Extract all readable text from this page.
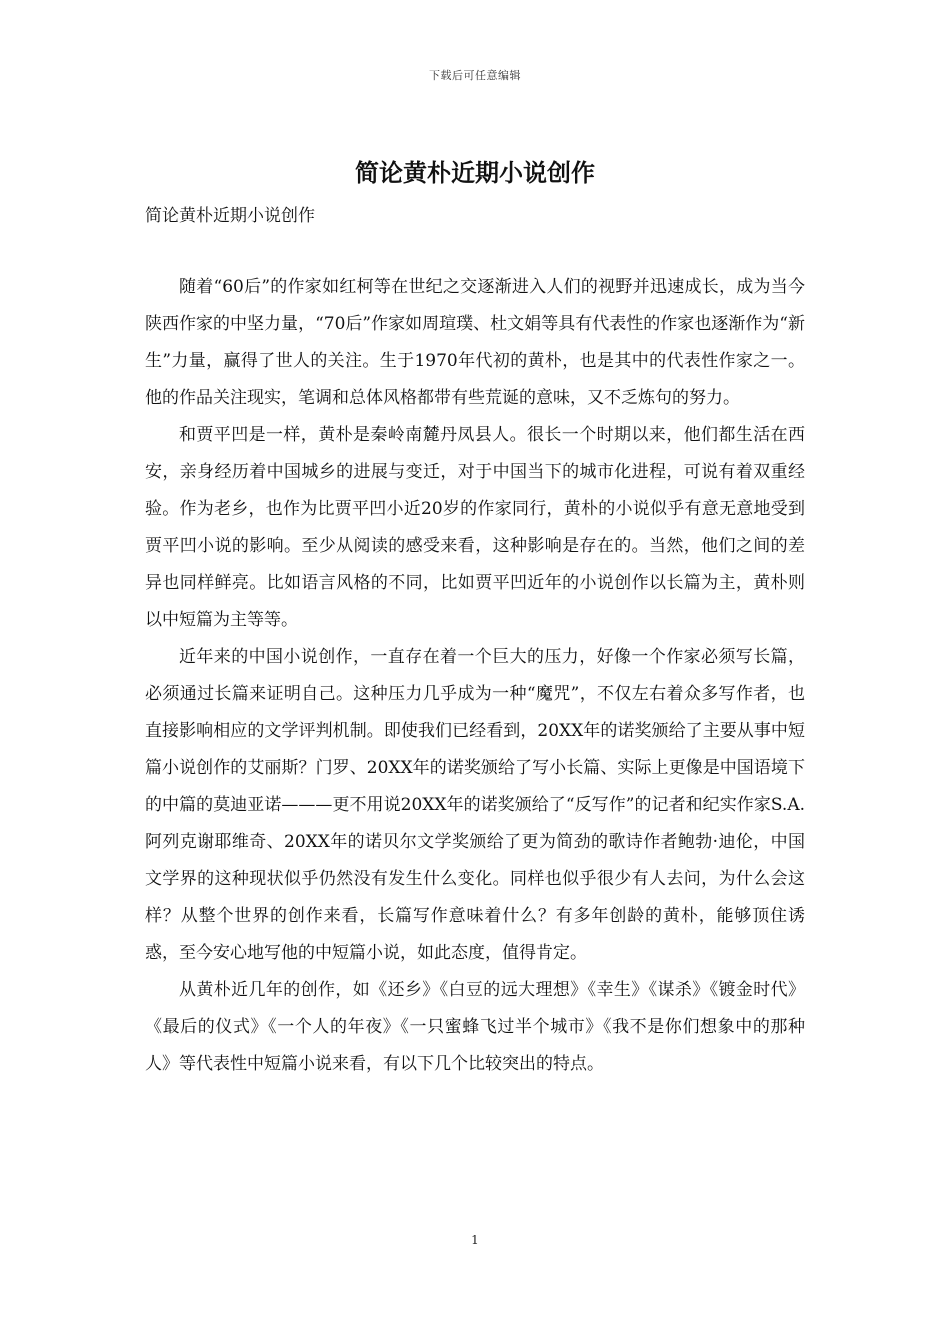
下载后可任意编辑
简论黄朴近期小说创作
简论黄朴近期小说创作

随着“60后”的作家如红柯等在世纪之交逐渐进入人们的视野并迅速成长，成为当今陕西作家的中坚力量，“70后”作家如周瑄璞、杜文娟等具有代表性的作家也逐渐作为“新生”力量，赢得了世人的关注。生于1970年代初的黄朴，也是其中的代表性作家之一。他的作品关注现实，笔调和总体风格都带有些荒诞的意味，又不乏炼句的努力。

和贾平凹是一样，黄朴是秦岭南麓丹凤县人。很长一个时期以来，他们都生活在西安，亲身经历着中国城乡的进展与变迁，对于中国当下的城市化进程，可说有着双重经验。作为老乡，也作为比贾平凹小近20岁的作家同行，黄朴的小说似乎有意无意地受到贾平凹小说的影响。至少从阅读的感受来看，这种影响是存在的。当然，他们之间的差异也同样鲜亮。比如语言风格的不同，比如贾平凹近年的小说创作以长篇为主，黄朴则以中短篇为主等等。

近年来的中国小说创作，一直存在着一个巨大的压力，好像一个作家必须写长篇，必须通过长篇来证明自己。这种压力几乎成为一种“魔咒”，不仅左右着众多写作者，也直接影响相应的文学评判机制。即使我们已经看到，20XX年的诺奖颁给了主要从事中短篇小说创作的艾丽斯？门罗、20XX年的诺奖颁给了写小长篇、实际上更像是中国语境下的中篇的莫迪亚诺———更不用说20XX年的诺奖颁给了“反写作”的记者和纪实作家S.A.阿列克谢耶维奇、20XX年的诺贝尔文学奖颁给了更为简劲的歌诗作者鲍勃·迪伦，中国文学界的这种现状似乎仍然没有发生什么变化。同样也似乎很少有人去问，为什么会这样？从整个世界的创作来看，长篇写作意味着什么？有多年创龄的黄朴，能够顶住诱惑，至今安心地写他的中短篇小说，如此态度，值得肯定。

从黄朴近几年的创作，如《还乡》《白豆的远大理想》《幸生》《谋杀》《镀金时代》《最后的仪式》《一个人的年夜》《一只蜜蜂飞过半个城市》《我不是你们想象中的那种人》等代表性中短篇小说来看，有以下几个比较突出的特点。

1
